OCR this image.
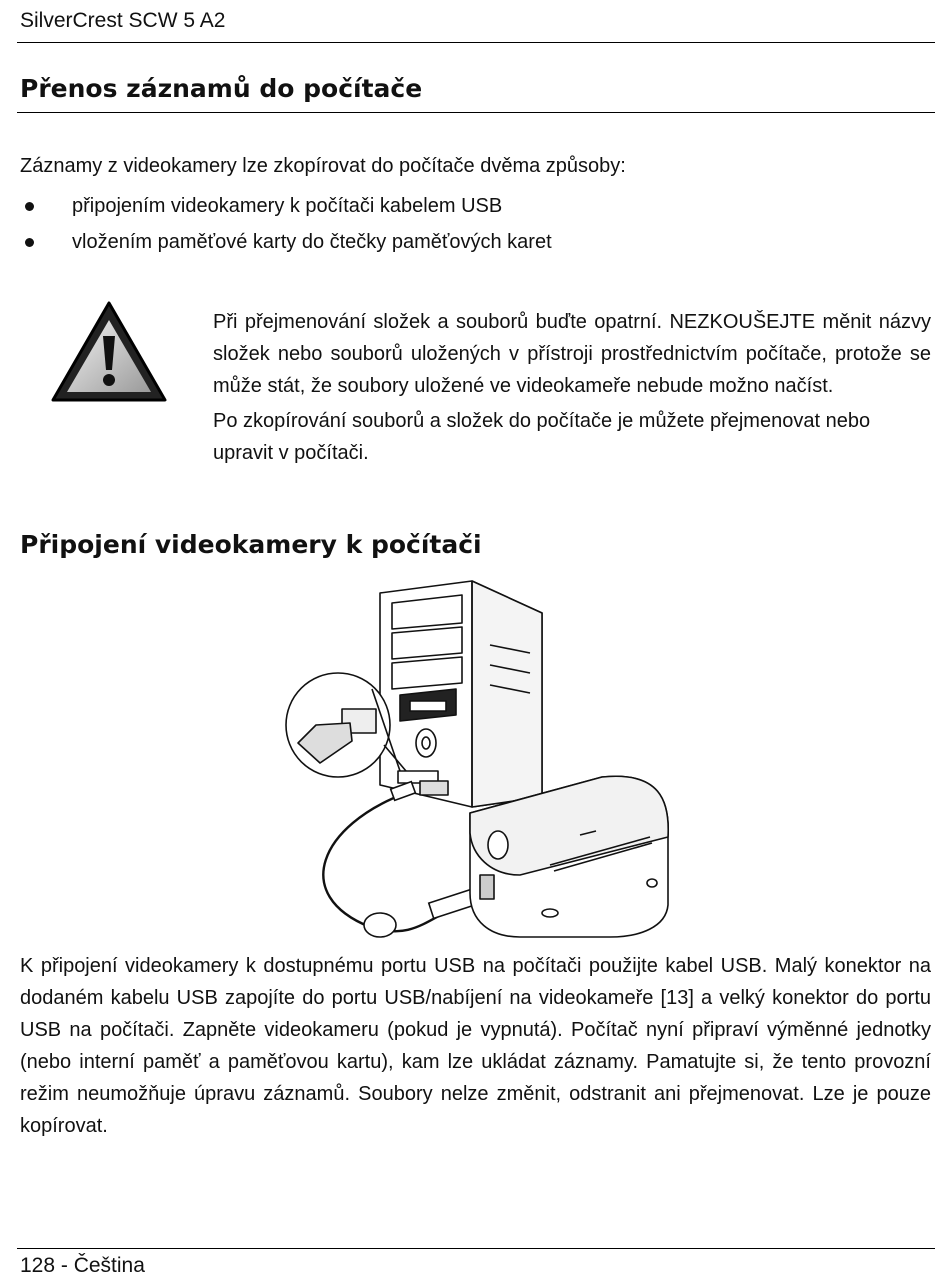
SilverCrest SCW 5 A2
Přenos záznamů do počítače

Záznamy z videokamery lze zkopírovat do počítače dvěma způsoby:

připojením videokamery k počítači kabelem USB
vložením paměťové karty do čtečky paměťových karet

Při přejmenování složek a souborů buďte opatrní. NEZKOUŠEJTE měnit názvy složek nebo souborů uložených v přístroji prostřednictvím počítače, protože se může stát, že soubory uložené ve videokameře nebude možno načíst.

Po zkopírování souborů a složek do počítače je můžete přejmenovat nebo upravit v počítači.

Připojení videokamery k počítači

K připojení videokamery k dostupnému portu USB na počítači použijte kabel USB. Malý konektor na dodaném kabelu USB zapojíte do portu USB/nabíjení na videokameře [13] a velký konektor do portu USB na počítači. Zapněte videokameru (pokud je vypnutá). Počítač nyní připraví výměnné jednotky (nebo interní paměť a paměťovou kartu), kam lze ukládat záznamy. Pamatujte si, že tento provozní režim neumožňuje úpravu záznamů. Soubory nelze změnit, odstranit ani přejmenovat. Lze je pouze kopírovat.

128 - Čeština
